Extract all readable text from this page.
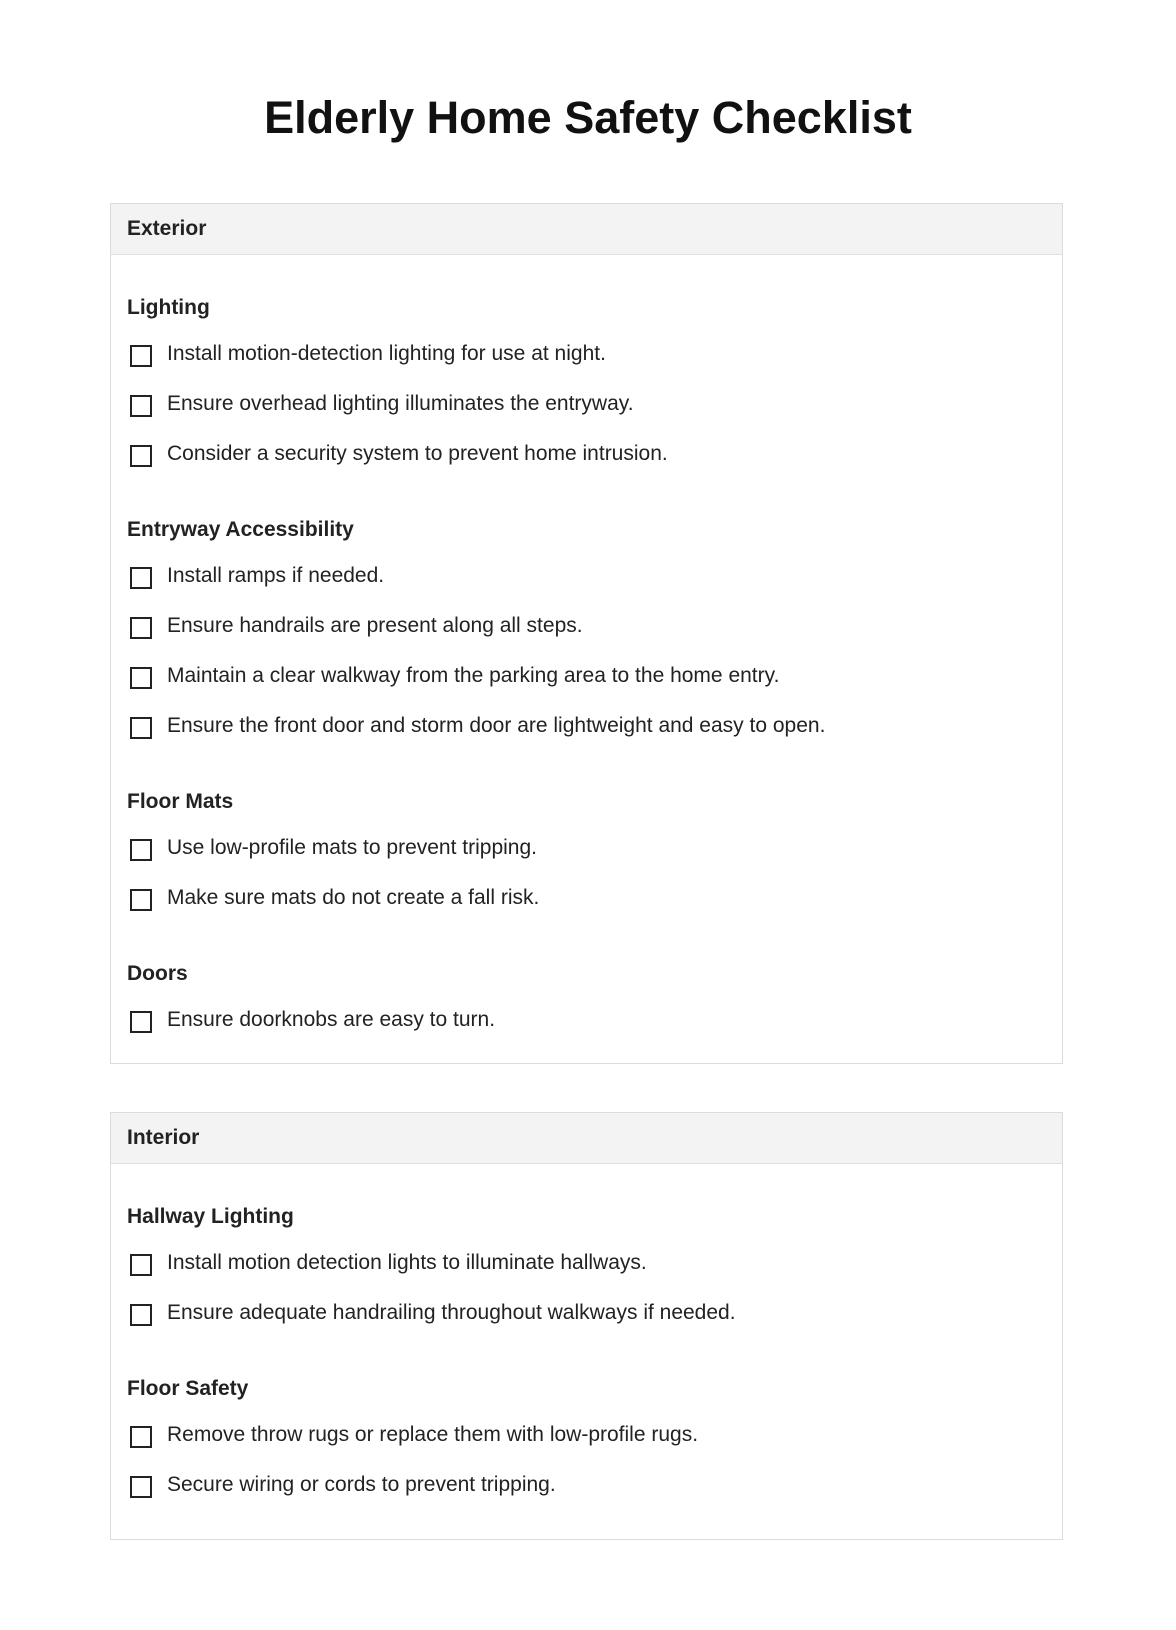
Elderly Home Safety Checklist
Exterior
Lighting
Install motion-detection lighting for use at night.
Ensure overhead lighting illuminates the entryway.
Consider a security system to prevent home intrusion.
Entryway Accessibility
Install ramps if needed.
Ensure handrails are present along all steps.
Maintain a clear walkway from the parking area to the home entry.
Ensure the front door and storm door are lightweight and easy to open.
Floor Mats
Use low-profile mats to prevent tripping.
Make sure mats do not create a fall risk.
Doors
Ensure doorknobs are easy to turn.
Interior
Hallway Lighting
Install motion detection lights to illuminate hallways.
Ensure adequate handrailing throughout walkways if needed.
Floor Safety
Remove throw rugs or replace them with low-profile rugs.
Secure wiring or cords to prevent tripping.
